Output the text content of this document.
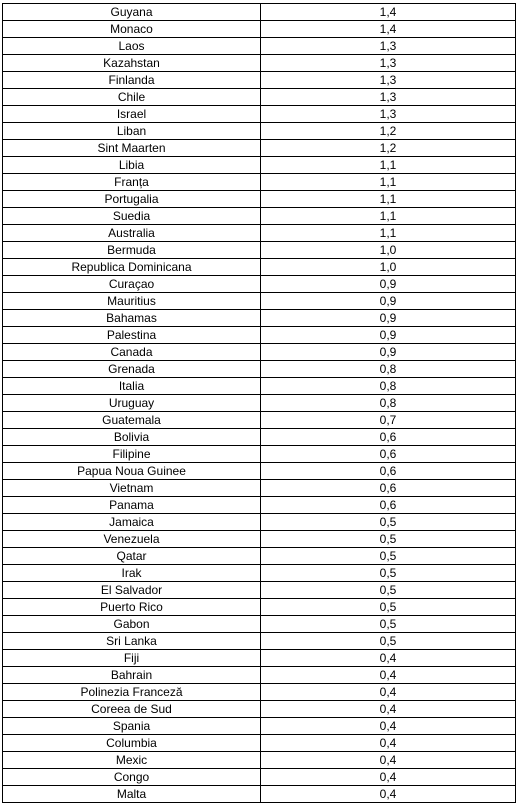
Guyana	1,4
Monaco	1,4
Laos	1,3
Kazahstan	1,3
Finlanda	1,3
Chile	1,3
Israel	1,3
Liban	1,2
Sint Maarten	1,2
Libia	1,1
Franța	1,1
Portugalia	1,1
Suedia	1,1
Australia	1,1
Bermuda	1,0
Republica Dominicana	1,0
Curaçao	0,9
Mauritius	0,9
Bahamas	0,9
Palestina	0,9
Canada	0,9
Grenada	0,8
Italia	0,8
Uruguay	0,8
Guatemala	0,7
Bolivia	0,6
Filipine	0,6
Papua Noua Guinee	0,6
Vietnam	0,6
Panama	0,6
Jamaica	0,5
Venezuela	0,5
Qatar	0,5
Irak	0,5
El Salvador	0,5
Puerto Rico	0,5
Gabon	0,5
Sri Lanka	0,5
Fiji	0,4
Bahrain	0,4
Polinezia Franceză	0,4
Coreea de Sud	0,4
Spania	0,4
Columbia	0,4
Mexic	0,4
Congo	0,4
Malta	0,4
